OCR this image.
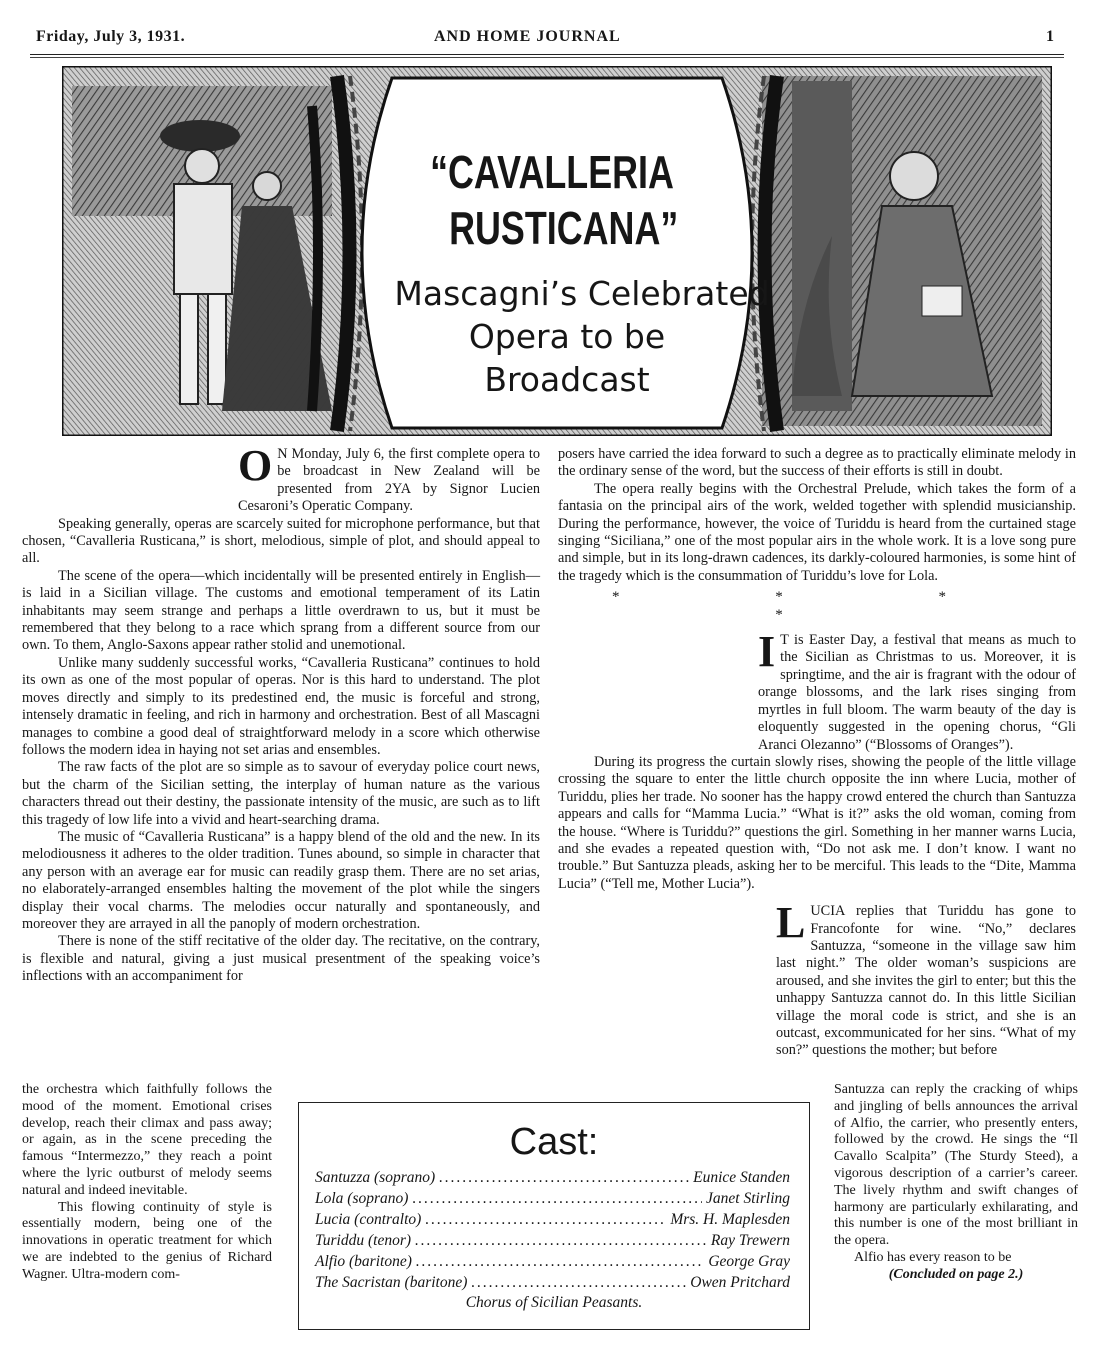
Friday, July 3, 1931.	AND HOME JOURNAL	1
“CAVALLERIA
RUSTICANA”
Mascagni’s Celebrated
Opera to be
Broadcast

O N Monday, July 6, the first complete opera to be broadcast in New Zealand will be presented from 2YA by Signor Lucien Cesaroni’s Operatic Company.

Speaking generally, operas are scarcely suited for microphone performance, but that chosen, “Cavalleria Rusticana,” is short, melodious, simple of plot, and should appeal to all.

The scene of the opera—which incidentally will be presented entirely in English—is laid in a Sicilian village. The customs and emotional temperament of its Latin inhabitants may seem strange and perhaps a little overdrawn to us, but it must be remembered that they belong to a race which sprang from a different source from our own. To them, Anglo-Saxons appear rather stolid and unemotional.

Unlike many suddenly successful works, “Cavalleria Rusticana” continues to hold its own as one of the most popular of operas. Nor is this hard to understand. The plot moves directly and simply to its predestined end, the music is forceful and strong, intensely dramatic in feeling, and rich in harmony and orchestration. Best of all Mascagni manages to combine a good deal of straightforward melody in a score which otherwise follows the modern idea in haying not set arias and ensembles.

The raw facts of the plot are so simple as to savour of everyday police court news, but the charm of the Sicilian setting, the interplay of human nature as the various characters thread out their destiny, the passionate intensity of the music, are such as to lift this tragedy of low life into a vivid and heart-searching drama.

The music of “Cavalleria Rusticana” is a happy blend of the old and the new. In its melodiousness it adheres to the older tradition. Tunes abound, so simple in character that any person with an average ear for music can readily grasp them. There are no set arias, no elaborately-arranged ensembles halting the movement of the plot while the singers display their vocal charms. The melodies occur naturally and spontaneously, and moreover they are arrayed in all the panoply of modern orchestration.

There is none of the stiff recitative of the older day. The recitative, on the contrary, is flexible and natural, giving a just musical presentment of the speaking voice’s inflections with an accompaniment for

the orchestra which faithfully follows the mood of the moment. Emotional crises develop, reach their climax and pass away; or again, as in the scene preceding the famous “Intermezzo,” they reach a point where the lyric outburst of melody seems natural and indeed inevitable.

This flowing continuity of style is essentially modern, being one of the innovations in operatic treatment for which we are indebted to the genius of Richard Wagner. Ultra-modern com-

posers have carried the idea forward to such a degree as to practically eliminate melody in the ordinary sense of the word, but the success of their efforts is still in doubt.

The opera really begins with the Orchestral Prelude, which takes the form of a fantasia on the principal airs of the work, welded together with splendid musicianship. During the performance, however, the voice of Turiddu is heard from the curtained stage singing “Siciliana,” one of the most popular airs in the whole work. It is a love song pure and simple, but in its long-drawn cadences, its darkly-coloured harmonies, is some hint of the tragedy which is the consummation of Turiddu’s love for Lola.

* * * *

I T is Easter Day, a festival that means as much to the Sicilian as Christmas to us. Moreover, it is springtime, and the air is fragrant with the odour of orange blossoms, and the lark rises singing from myrtles in full bloom. The warm beauty of the day is eloquently suggested in the opening chorus, “Gli Aranci Olezanno” (“Blossoms of Oranges”).

During its progress the curtain slowly rises, showing the people of the little village crossing the square to enter the little church opposite the inn where Lucia, mother of Turiddu, plies her trade. No sooner has the happy crowd entered the church than Santuzza appears and calls for “Mamma Lucia.” “What is it?” asks the old woman, coming from the house. “Where is Turiddu?” questions the girl. Something in her manner warns Lucia, and she evades a repeated question with, “Do not ask me. I don’t know. I want no trouble.” But Santuzza pleads, asking her to be merciful. This leads to the “Dite, Mamma Lucia” (“Tell me, Mother Lucia”).

LUCIA replies that Turiddu has gone to Francofonte for wine. “No,” declares Santuzza, “someone in the village saw him last night.” The older woman’s suspicions are aroused, and she invites the girl to enter; but this the unhappy Santuzza cannot do. In this little Sicilian village the moral code is strict, and she is an outcast, excommunicated for her sins. “What of my son?” questions the mother; but before

Santuzza can reply the cracking of whips and jingling of bells announces the arrival of Alfio, the carrier, who presently enters, followed by the crowd. He sings the “Il Cavallo Scalpita” (The Sturdy Steed), a vigorous description of a carrier’s career. The lively rhythm and swift changes of harmony are particularly exhilarating, and this number is one of the most brilliant in the opera.

Alfio has every reason to be

(Concluded on page 2.)

Cast:
Santuzza (soprano) .....	Eunice Standen
Lola (soprano) .....	Janet Stirling
Lucia (contralto) .....	Mrs. H. Maplesden
Turiddu (tenor) .....	Ray Trewern
Alfio (baritone) .....	George Gray
The Sacristan (baritone) .....	Owen Pritchard
Chorus of Sicilian Peasants.
